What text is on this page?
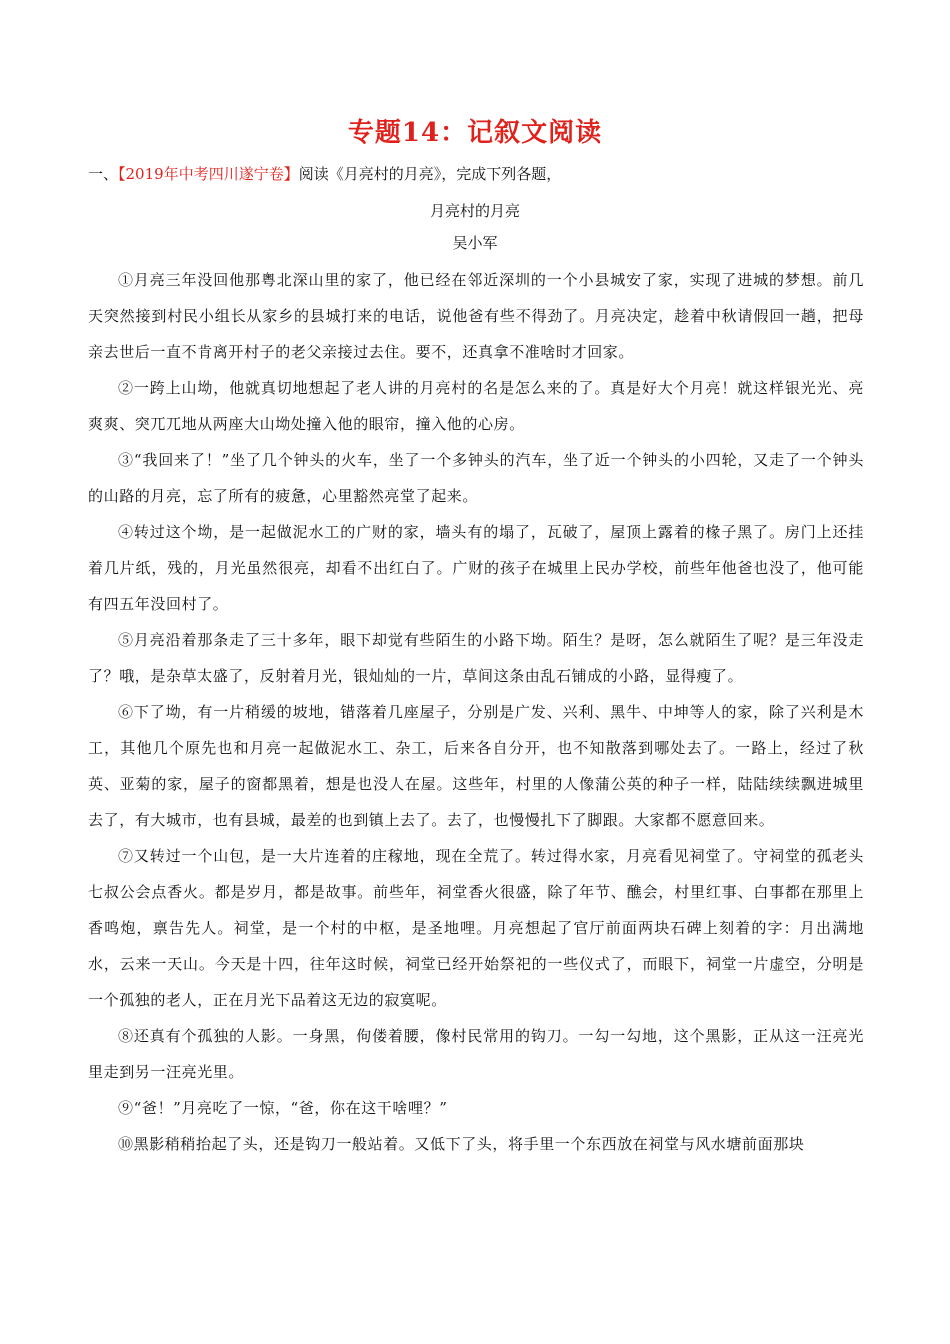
专题14：记叙文阅读
一、【2019年中考四川遂宁卷】阅读《月亮村的月亮》，完成下列各题，
月亮村的月亮
吴小军

①月亮三年没回他那粤北深山里的家了，他已经在邻近深圳的一个小县城安了家，实现了进城的梦想。前几天突然接到村民小组长从家乡的县城打来的电话，说他爸有些不得劲了。月亮决定，趁着中秋请假回一趟，把母亲去世后一直不肯离开村子的老父亲接过去住。要不，还真拿不准啥时才回家。

②一跨上山坳，他就真切地想起了老人讲的月亮村的名是怎么来的了。真是好大个月亮！就这样银光光、亮爽爽、突兀兀地从两座大山坳处撞入他的眼帘，撞入他的心房。

③“我回来了！”坐了几个钟头的火车，坐了一个多钟头的汽车，坐了近一个钟头的小四轮，又走了一个钟头的山路的月亮，忘了所有的疲惫，心里豁然亮堂了起来。

④转过这个坳，是一起做泥水工的广财的家，墙头有的塌了，瓦破了，屋顶上露着的椽子黑了。房门上还挂着几片纸，残的，月光虽然很亮，却看不出红白了。广财的孩子在城里上民办学校，前些年他爸也没了，他可能有四五年没回村了。

⑤月亮沿着那条走了三十多年，眼下却觉有些陌生的小路下坳。陌生？是呀，怎么就陌生了呢？是三年没走了？哦，是杂草太盛了，反射着月光，银灿灿的一片，草间这条由乱石铺成的小路，显得瘦了。

⑥下了坳，有一片稍缓的坡地，错落着几座屋子，分别是广发、兴利、黑牛、中坤等人的家，除了兴利是木工，其他几个原先也和月亮一起做泥水工、杂工，后来各自分开，也不知散落到哪处去了。一路上，经过了秋英、亚菊的家，屋子的窗都黑着，想是也没人在屋。这些年，村里的人像蒲公英的种子一样，陆陆续续飘进城里去了，有大城市，也有县城，最差的也到镇上去了。去了，也慢慢扎下了脚跟。大家都不愿意回来。

⑦又转过一个山包，是一大片连着的庄稼地，现在全荒了。转过得水家，月亮看见祠堂了。守祠堂的孤老头七叔公会点香火。都是岁月，都是故事。前些年，祠堂香火很盛，除了年节、醮会，村里红事、白事都在那里上香鸣炮，禀告先人。祠堂，是一个村的中枢，是圣地哩。月亮想起了官厅前面两块石碑上刻着的字：月出满地水，云来一天山。今天是十四，往年这时候，祠堂已经开始祭祀的一些仪式了，而眼下，祠堂一片虚空，分明是一个孤独的老人，正在月光下品着这无边的寂寞呢。

⑧还真有个孤独的人影。一身黑，佝偻着腰，像村民常用的钩刀。一勾一勾地，这个黑影，正从这一汪亮光里走到另一汪亮光里。

⑨“爸！”月亮吃了一惊，“爸，你在这干啥哩？”

⑩黑影稍稍抬起了头，还是钩刀一般站着。又低下了头，将手里一个东西放在祠堂与风水塘前面那块
